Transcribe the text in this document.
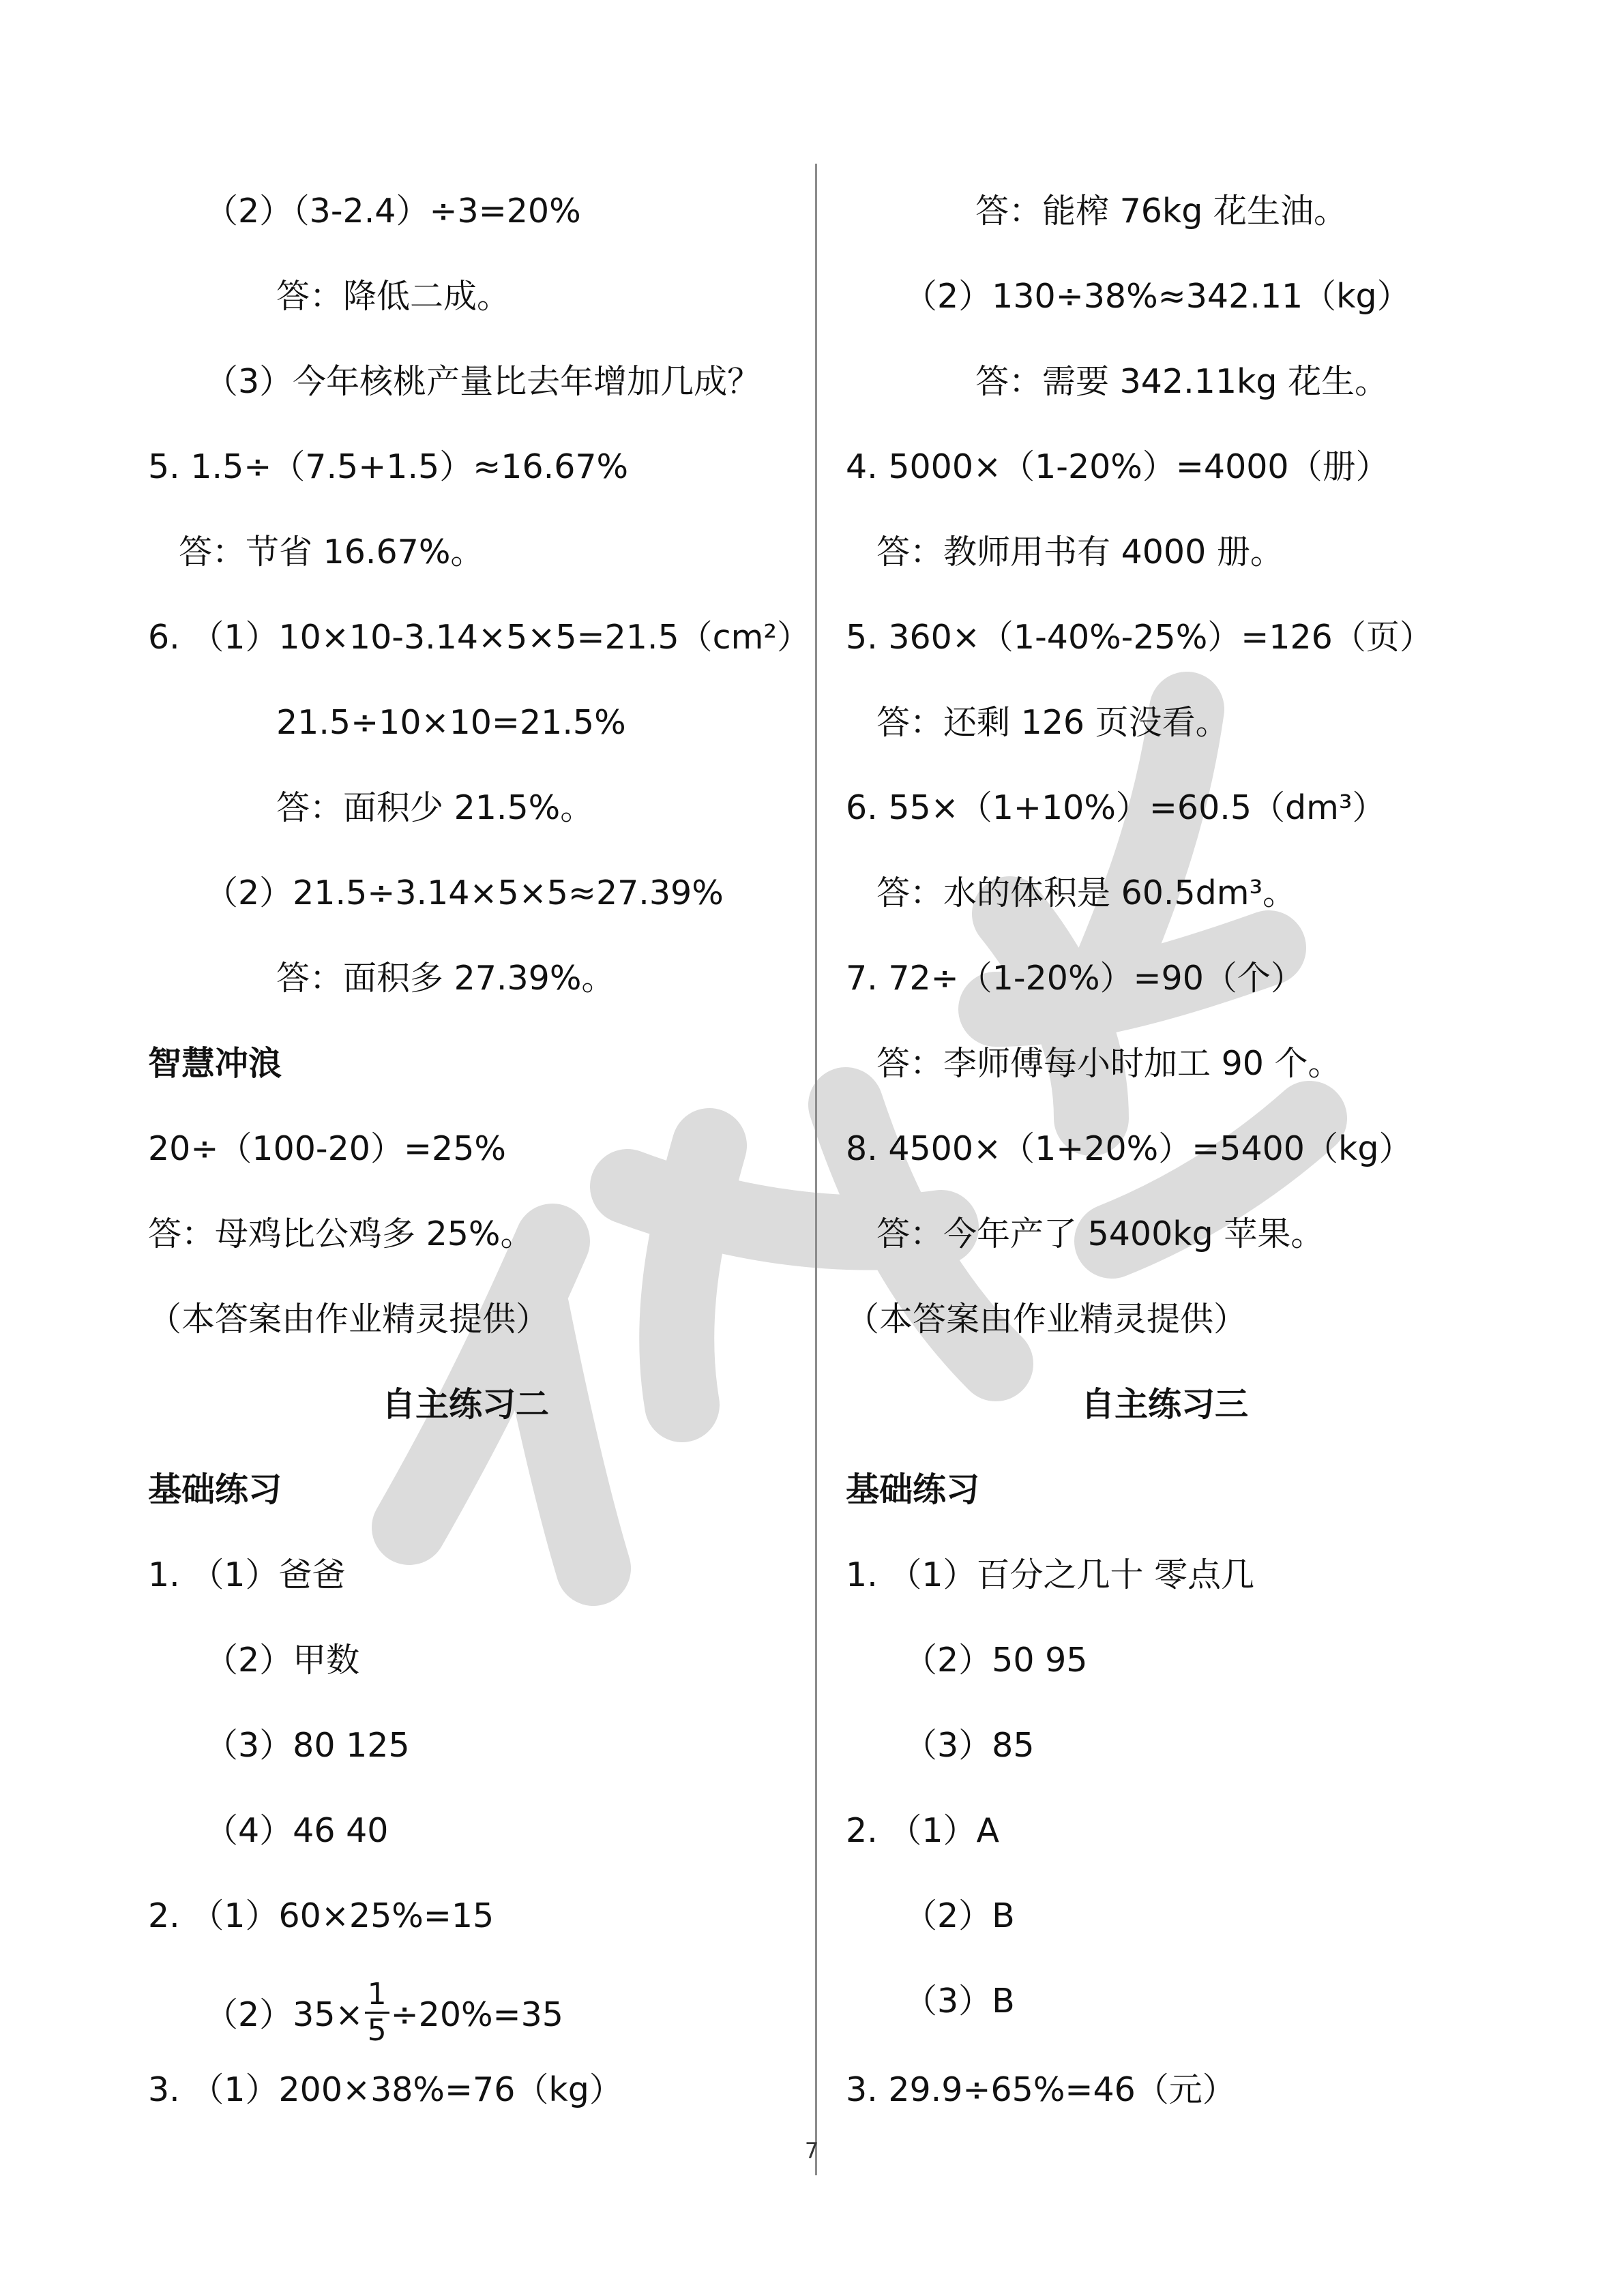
（2）（3-2.4）÷3=20%
答：降低二成。
（3）今年核桃产量比去年增加几成？
5. 1.5÷（7.5+1.5）≈16.67%
答：节省 16.67%。
6. （1）10×10-3.14×5×5=21.5（cm²）
21.5÷10×10=21.5%
答：面积少 21.5%。
（2）21.5÷3.14×5×5≈27.39%
答：面积多 27.39%。
智慧冲浪
20÷（100-20）=25%
答：母鸡比公鸡多 25%。
（本答案由作业精灵提供）
自主练习二
基础练习
1. （1）爸爸
（2）甲数
（3）80 125
（4）46 40
2. （1）60×25%=15
$(2)35\times \frac{1}{5} \div 20\%=35$
3. （1）200×38%=76（kg）
答：能榨 76kg 花生油。
（2）130÷38%≈342.11（kg）
答：需要 342.11kg 花生。
4. 5000×（1-20%）=4000（册）
答：教师用书有 4000 册。
5. 360×（1-40%-25%）=126（页）
答：还剩 126 页没看。
6. 55×（1+10%）=60.5（dm³）
答：水的体积是 60.5dm³。
7. 72÷（1-20%）=90（个）
答：李师傅每小时加工 90 个。
8. 4500×（1+20%）=5400（kg）
答：今年产了 5400kg 苹果。
（本答案由作业精灵提供）
自主练习三
基础练习
1. （1）百分之几十 零点几
（2）50 95
（3）85
2. （1）A
（2）B
（3）B
3. 29.9÷65%=46（元）
7
